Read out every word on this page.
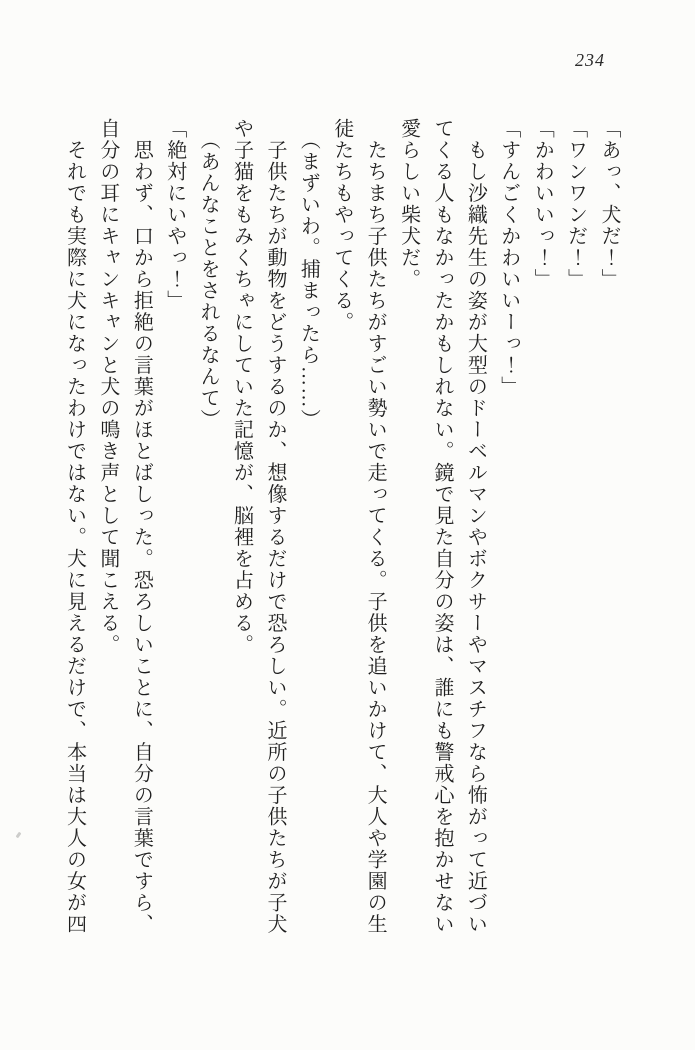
234

「あっ、犬だ！」

「ワンワンだ！」

「かわいいっ！」

「すんごくかわいいーっ！」

　もし沙織先生の姿が大型のドーベルマンやボクサーやマスチフなら怖がって近づい

てくる人もなかったかもしれない。鏡で見た自分の姿は、誰にも警戒心を抱かせない

愛らしい柴犬だ。

　たちまち子供たちがすごい勢いで走ってくる。子供を追いかけて、大人や学園の生

徒たちもやってくる。

　（まずいわ。捕まったら……）

　子供たちが動物をどうするのか、想像するだけで恐ろしい。近所の子供たちが子犬

や子猫をもみくちゃにしていた記憶が、脳裡を占める。

　（あんなことをされるなんて）

「絶対にいやっ！」

　思わず、口から拒絶の言葉がほとばしった。恐ろしいことに、自分の言葉ですら、

自分の耳にキャンキャンと犬の鳴き声として聞こえる。

　それでも実際に犬になったわけではない。犬に見えるだけで、本当は大人の女が四
